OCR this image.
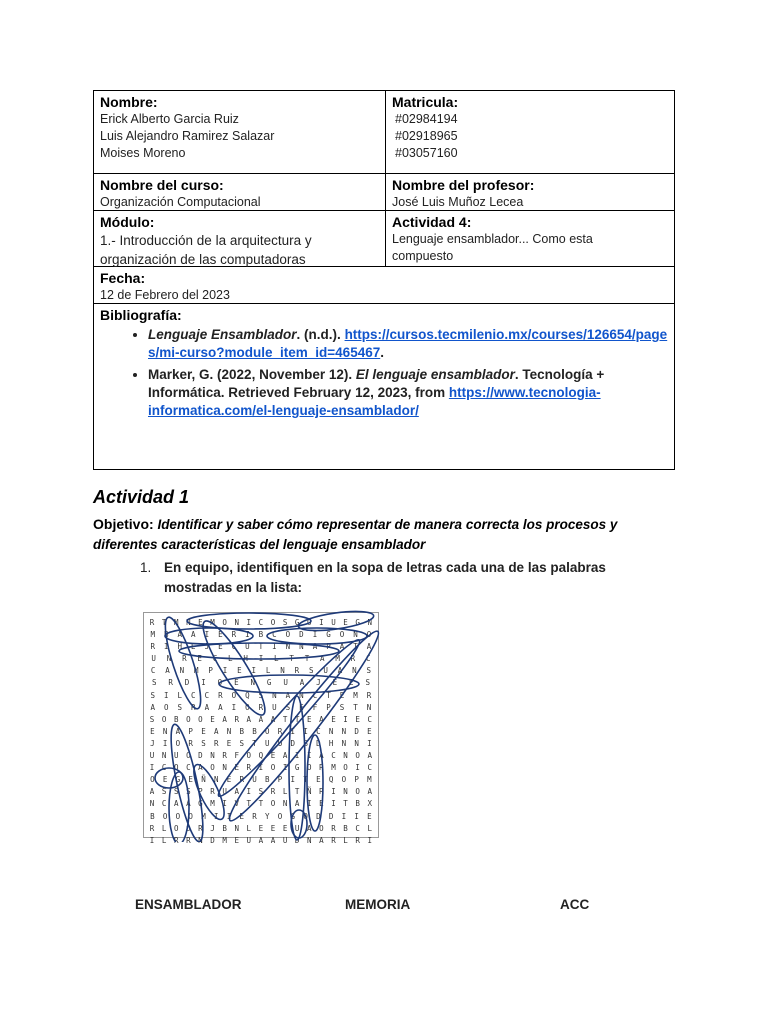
Nombre:
Erick Alberto Garcia Ruiz
Luis Alejandro Ramirez Salazar
Moises Moreno
Matricula:
#02984194
#02918965
#03057160
Nombre del curso:
Organización Computacional
Nombre del profesor:
José Luis Muñoz Lecea
Módulo:
1.- Introducción de la arquitectura y organización de las computadoras
Actividad 4:
Lenguaje ensamblador... Como esta compuesto
Fecha:
12 de Febrero del 2023
Bibliografía:
• Lenguaje Ensamblador. (n.d.). https://cursos.tecmilenio.mx/courses/126654/pages/mi-curso?module_item_id=465467.
• Marker, G. (2022, November 12). El lenguaje ensamblador. Tecnología + Informática. Retrieved February 12, 2023, from https://www.tecnologia-informatica.com/el-lenguaje-ensamblador/
Actividad 1
Objetivo: Identificar y saber cómo representar de manera correcta los procesos y diferentes características del lenguaje ensamblador
1. En equipo, identifiquen en la sopa de letras cada una de las palabras mostradas en la lista:
R T M N E M O N I C O S G O I U E G N
M B A A I E R I B C O D I G O N O
R I H E J E C U T I N N A P A T A
U N R E C L H I L T T A M R C
C A N M P I E I L N R S U A N S
S R D I O E N G U A J E E S
S I L C C R O Q S N A N C T E M R
A O S R A A I O R U S E F P S T N
S O B O O E A R A A A T T E A E I E C
E N A P E A N B B O R I I C N N D E
J I O R S R E S T U U D B D H N N I
U N U O D N R F O Q E A I I A C N O A
I C O C A O N E R I O I G O R M O I C
O E G E Ñ N E R U B P I T E Q O P M
A S S S P R U A I S R L T Ñ R I N O A
N C A A G M I V T T O N A I E I T B X
B O O O M I I E R Y O G O D D I I E
R L O O R J B N L E E E U A O R B C L
I L R R N D M E U A A U D N A R L R I
ENSAMBLADOR	MEMORIA	ACC
